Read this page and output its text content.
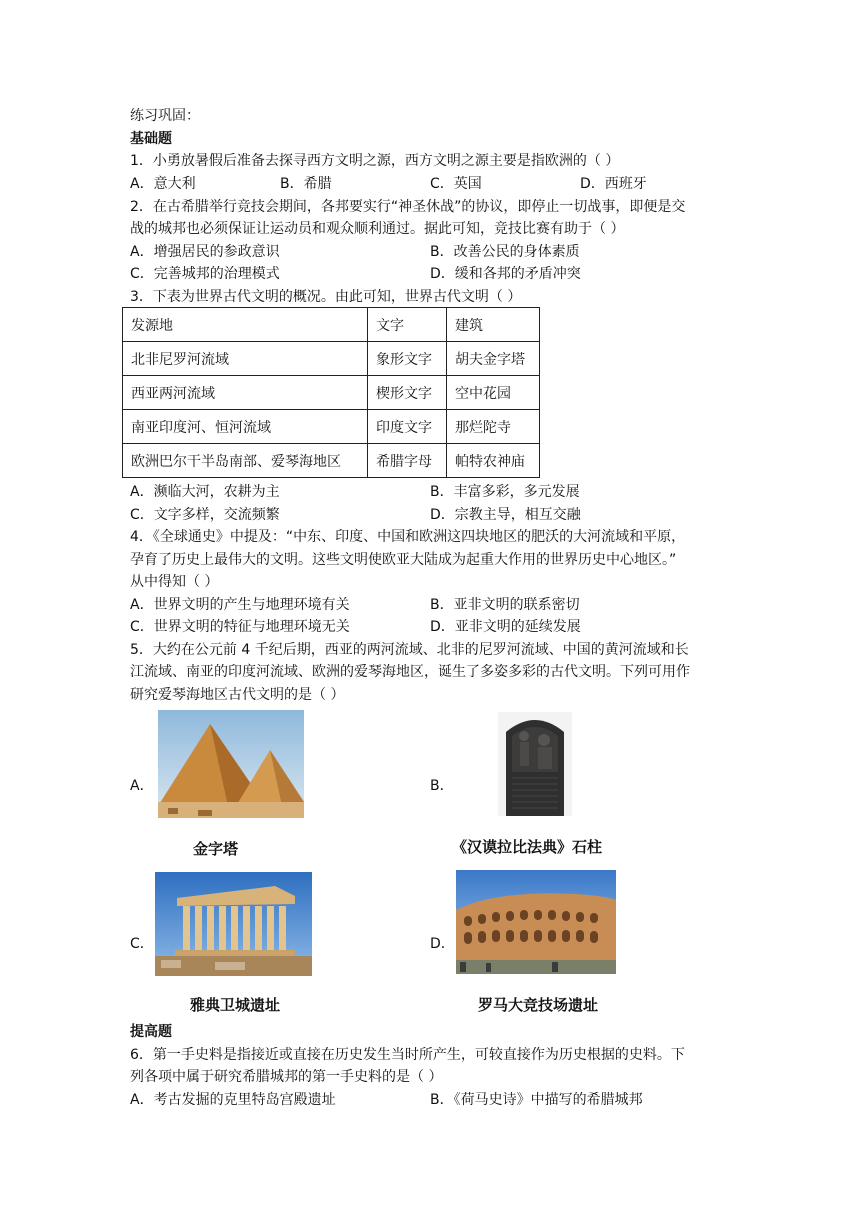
练习巩固：
基础题
1．小勇放暑假后准备去探寻西方文明之源，西方文明之源主要是指欧洲的（ ）
A．意大利	B．希腊	C．英国	D．西班牙
2．在古希腊举行竞技会期间，各邦要实行“神圣休战”的协议，即停止一切战事，即便是交
战的城邦也必须保证让运动员和观众顺利通过。据此可知，竞技比赛有助于（ ）
A．增强居民的参政意识	B．改善公民的身体素质
C．完善城邦的治理模式	D．缓和各邦的矛盾冲突
3．下表为世界古代文明的概况。由此可知，世界古代文明（ ）
发源地	文字	建筑
北非尼罗河流域	象形文字	胡夫金字塔
西亚两河流域	楔形文字	空中花园
南亚印度河、恒河流域	印度文字	那烂陀寺
欧洲巴尔干半岛南部、爱琴海地区	希腊字母	帕特农神庙
A．濒临大河，农耕为主	B．丰富多彩，多元发展
C．文字多样，交流频繁	D．宗教主导，相互交融
4．《全球通史》中提及：“中东、印度、中国和欧洲这四块地区的肥沃的大河流域和平原，
孕育了历史上最伟大的文明。这些文明使欧亚大陆成为起重大作用的世界历史中心地区。”
从中得知（ ）
A．世界文明的产生与地理环境有关	B．亚非文明的联系密切
C．世界文明的特征与地理环境无关	D．亚非文明的延续发展
5．大约在公元前 4 千纪后期，西亚的两河流域、北非的尼罗河流域、中国的黄河流域和长
江流域、南亚的印度河流域、欧洲的爱琴海地区，诞生了多姿多彩的古代文明。下列可用作
研究爱琴海地区古代文明的是（ ）
A．
金字塔
B．
《汉谟拉比法典》石柱
C．
雅典卫城遗址
D．
罗马大竞技场遗址
提高题
6．第一手史料是指接近或直接在历史发生当时所产生，可较直接作为历史根据的史料。下
列各项中属于研究希腊城邦的第一手史料的是（ ）
A．考古发掘的克里特岛宫殿遗址	B．《荷马史诗》中描写的希腊城邦
